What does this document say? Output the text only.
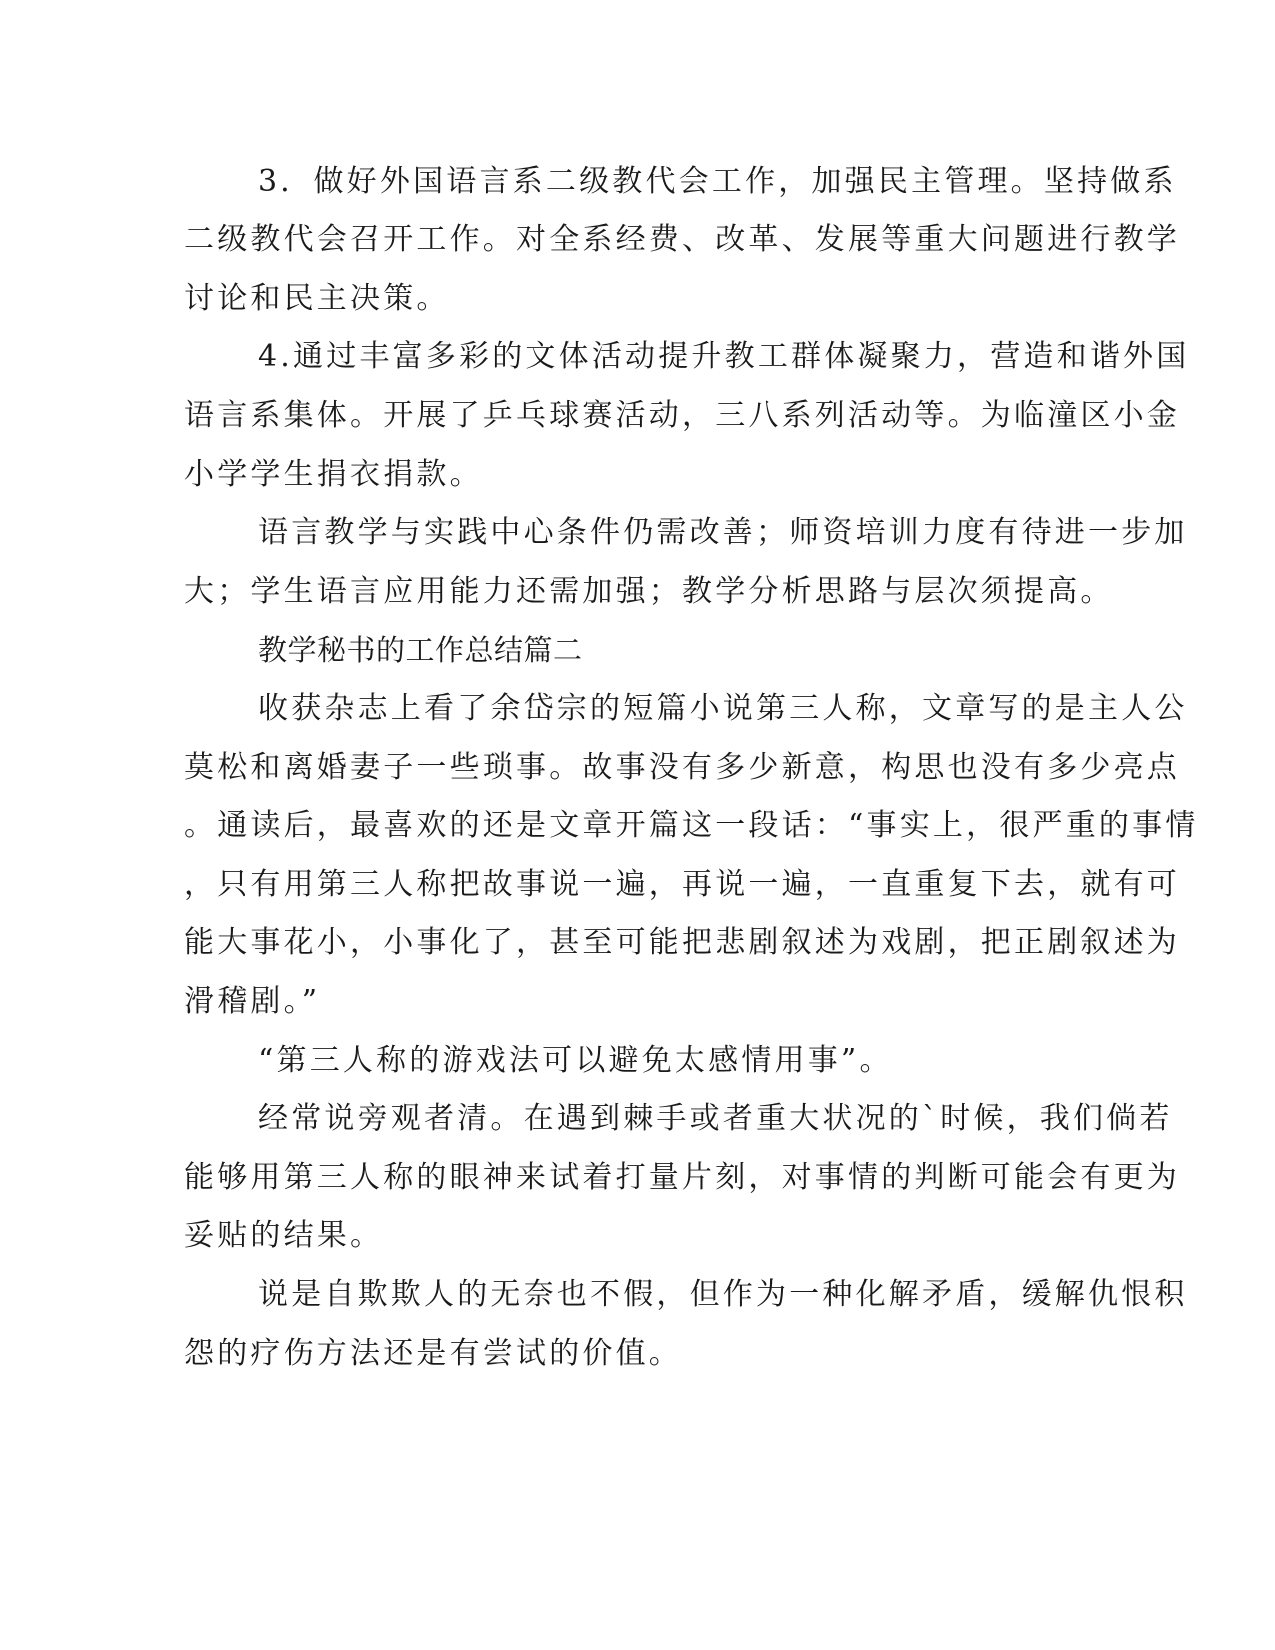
3．做好外国语言系二级教代会工作，加强民主管理。坚持做系
二级教代会召开工作。对全系经费、改革、发展等重大问题进行教学
讨论和民主决策。
4.通过丰富多彩的文体活动提升教工群体凝聚力，营造和谐外国
语言系集体。开展了乒乓球赛活动，三八系列活动等。为临潼区小金
小学学生捐衣捐款。
语言教学与实践中心条件仍需改善；师资培训力度有待进一步加
大；学生语言应用能力还需加强；教学分析思路与层次须提高。
教学秘书的工作总结篇二
收获杂志上看了余岱宗的短篇小说第三人称，文章写的是主人公
莫松和离婚妻子一些琐事。故事没有多少新意，构思也没有多少亮点
。通读后，最喜欢的还是文章开篇这一段话：“事实上，很严重的事情
，只有用第三人称把故事说一遍，再说一遍，一直重复下去，就有可
能大事花小，小事化了，甚至可能把悲剧叙述为戏剧，把正剧叙述为
滑稽剧。”
“第三人称的游戏法可以避免太感情用事”。
经常说旁观者清。在遇到棘手或者重大状况的`时候，我们倘若
能够用第三人称的眼神来试着打量片刻，对事情的判断可能会有更为
妥贴的结果。
说是自欺欺人的无奈也不假，但作为一种化解矛盾，缓解仇恨积
怨的疗伤方法还是有尝试的价值。
